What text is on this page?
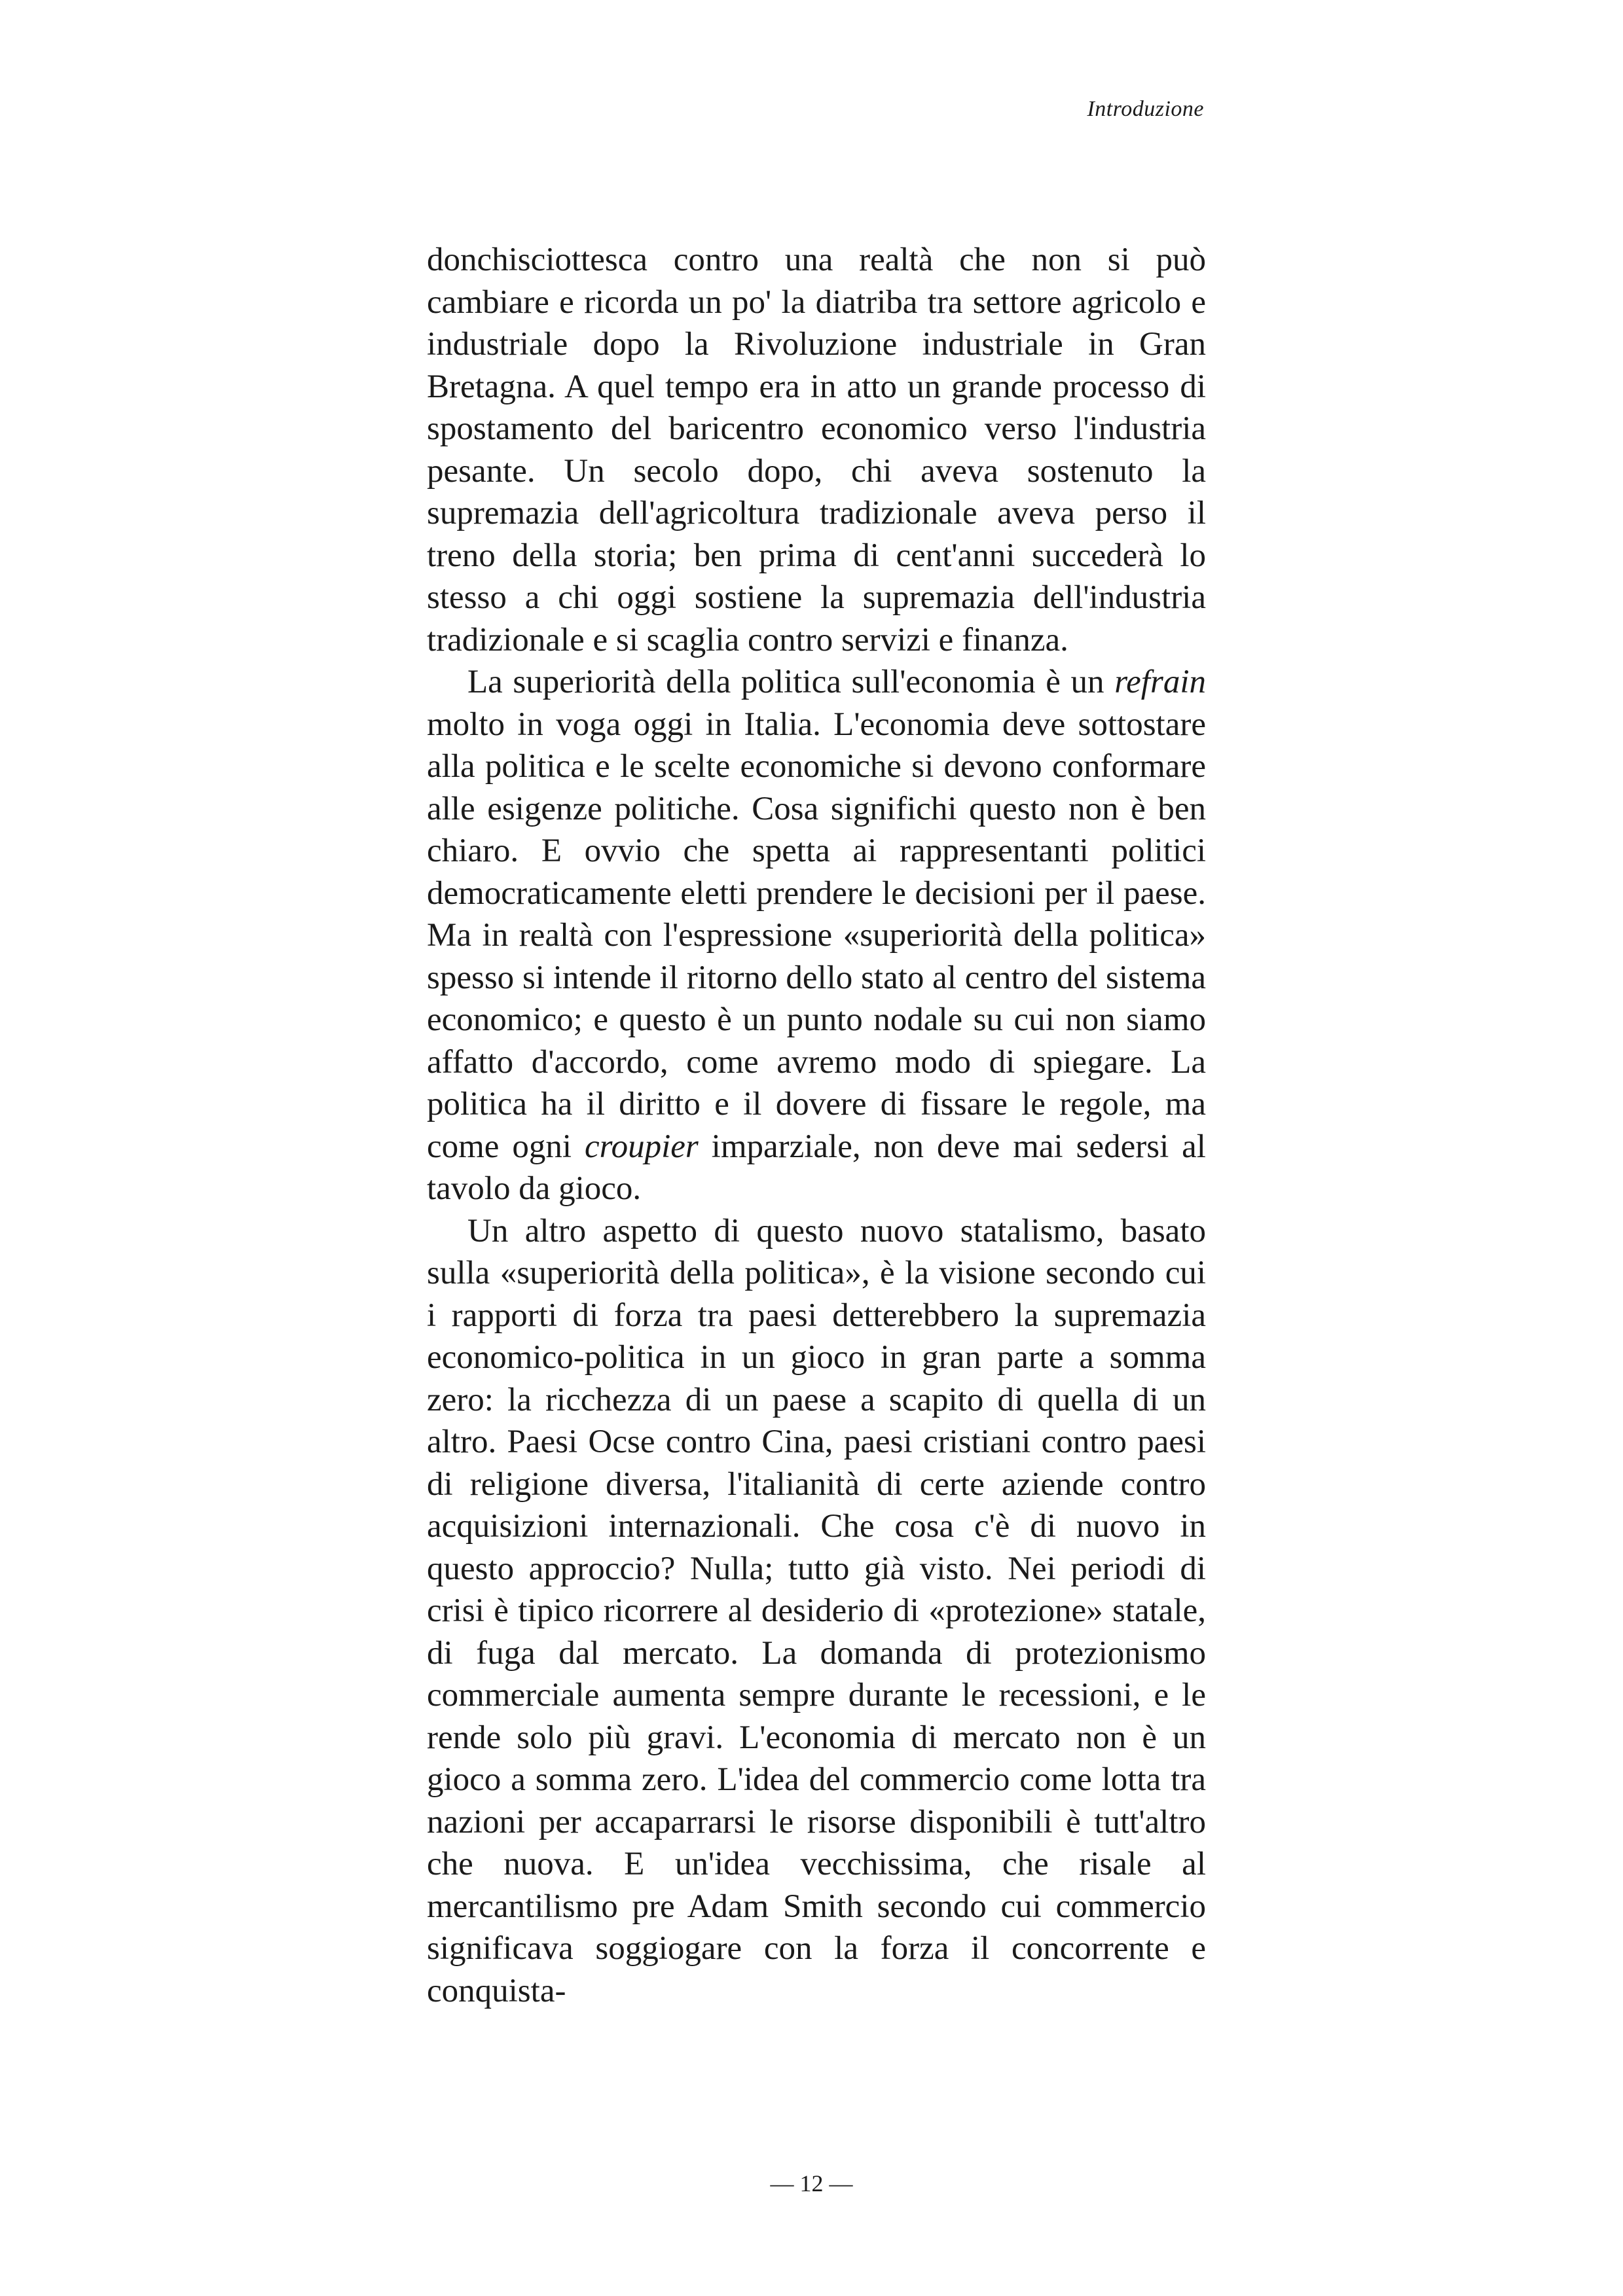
Introduzione

donchisciottesca contro una realtà che non si può cambiare e ricorda un po' la diatriba tra settore agricolo e industriale dopo la Rivoluzione industriale in Gran Bretagna. A quel tempo era in atto un grande processo di spostamento del baricentro economico verso l'industria pesante. Un secolo dopo, chi aveva sostenuto la supremazia dell'agricoltura tradizionale aveva perso il treno della storia; ben prima di cent'anni succederà lo stesso a chi oggi sostiene la supremazia dell'industria tradizionale e si scaglia contro servizi e finanza.

La superiorità della politica sull'economia è un refrain molto in voga oggi in Italia. L'economia deve sottostare alla politica e le scelte economiche si devono conformare alle esigenze politiche. Cosa significhi questo non è ben chiaro. E ovvio che spetta ai rappresentanti politici democraticamente eletti prendere le decisioni per il paese. Ma in realtà con l'espressione «superiorità della politica» spesso si intende il ritorno dello stato al centro del sistema economico; e questo è un punto nodale su cui non siamo affatto d'accordo, come avremo modo di spiegare. La politica ha il diritto e il dovere di fissare le regole, ma come ogni croupier imparziale, non deve mai sedersi al tavolo da gioco.

Un altro aspetto di questo nuovo statalismo, basato sulla «superiorità della politica», è la visione secondo cui i rapporti di forza tra paesi detterebbero la supremazia economico-politica in un gioco in gran parte a somma zero: la ricchezza di un paese a scapito di quella di un altro. Paesi Ocse contro Cina, paesi cristiani contro paesi di religione diversa, l'italianità di certe aziende contro acquisizioni internazionali. Che cosa c'è di nuovo in questo approccio? Nulla; tutto già visto. Nei periodi di crisi è tipico ricorrere al desiderio di «protezione» statale, di fuga dal mercato. La domanda di protezionismo commerciale aumenta sempre durante le recessioni, e le rende solo più gravi. L'economia di mercato non è un gioco a somma zero. L'idea del commercio come lotta tra nazioni per accaparrarsi le risorse disponibili è tutt'altro che nuova. E un'idea vecchissima, che risale al mercantilismo pre Adam Smith secondo cui commercio significava soggiogare con la forza il concorrente e conquista-

— 12 —
